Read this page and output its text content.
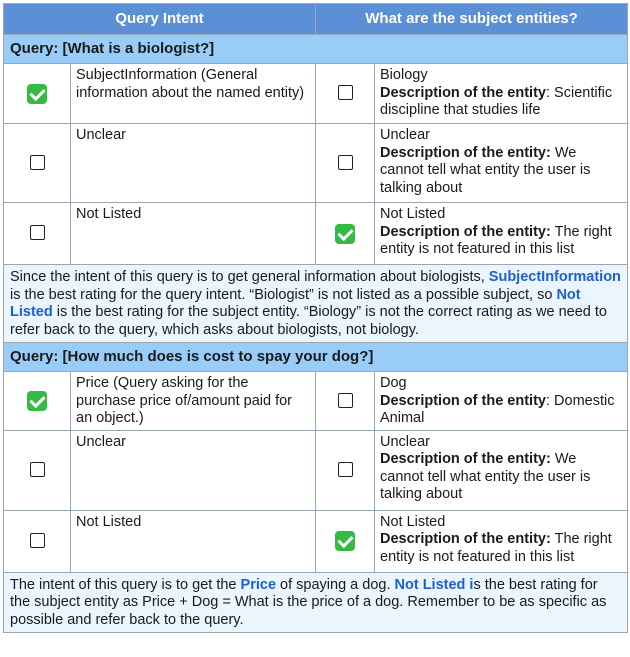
Query Intent		What are the subject entities?	
Query: [What is a biologist?]			
	SubjectInformation (General information about the named entity)		Biology
Description of the entity: Scientific discipline that studies life
	Unclear		Unclear
Description of the entity: We cannot tell what entity the user is talking about
	Not Listed		Not Listed
Description of the entity: The right entity is not featured in this list
Since the intent of this query is to get general information about biologists, SubjectInformation is the best rating for the query intent. “Biologist” is not listed as a possible subject, so Not Listed is the best rating for the subject entity. “Biology” is not the correct rating as we need to refer back to the query, which asks about biologists, not biology.			
Query: [How much does is cost to spay your dog?]			
	Price (Query asking for the purchase price of/amount paid for an object.)		Dog
Description of the entity: Domestic Animal
	Unclear		Unclear
Description of the entity: We cannot tell what entity the user is talking about
	Not Listed		Not Listed
Description of the entity: The right entity is not featured in this list
The intent of this query is to get the Price of spaying a dog. Not Listed is the best rating for the subject entity as Price + Dog = What is the price of a dog. Remember to be as specific as possible and refer back to the query.			
